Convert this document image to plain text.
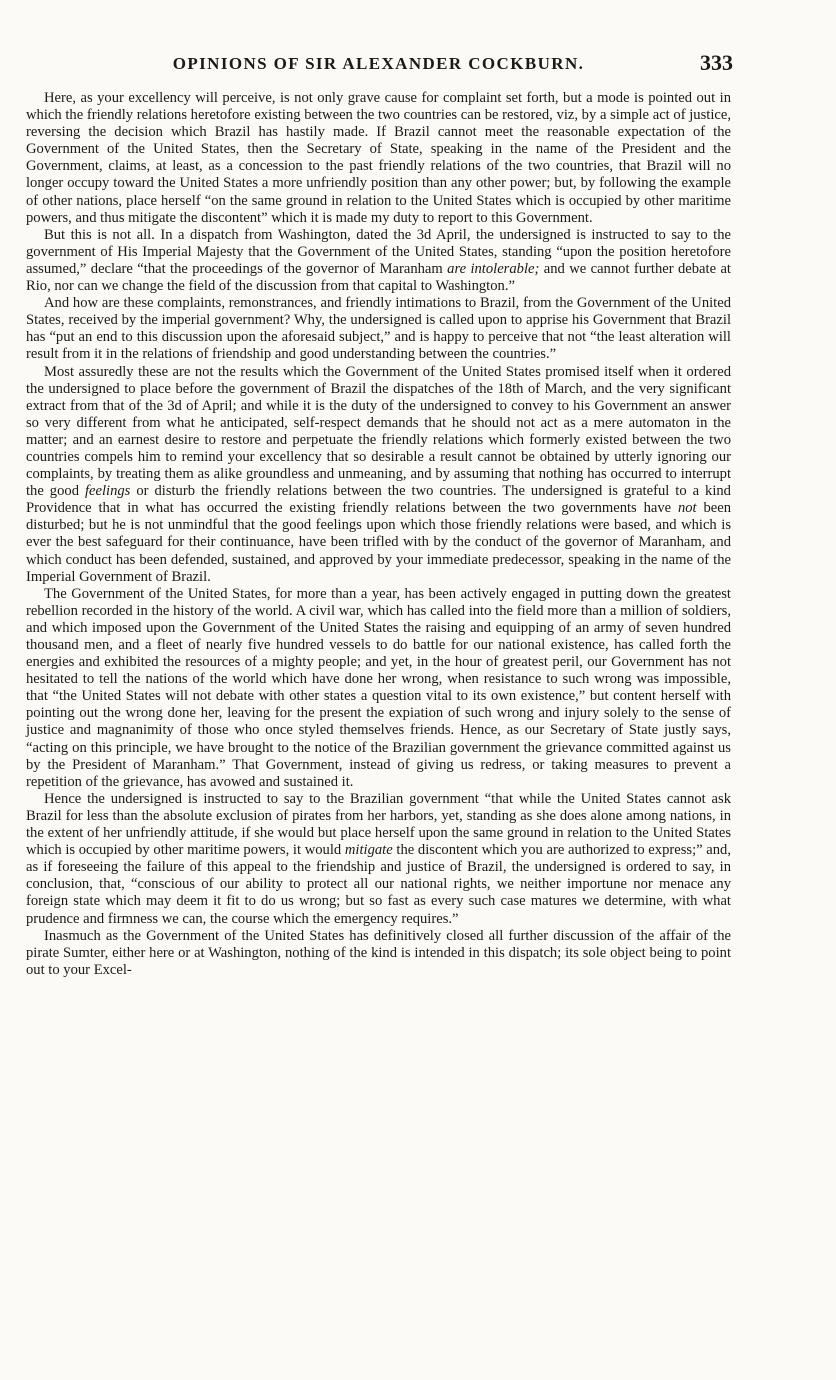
OPINIONS OF SIR ALEXANDER COCKBURN.	333

Here, as your excellency will perceive, is not only grave cause for complaint set forth, but a mode is pointed out in which the friendly relations heretofore existing between the two countries can be restored, viz, by a simple act of justice, reversing the decision which Brazil has hastily made. If Brazil cannot meet the reasonable expectation of the Government of the United States, then the Secretary of State, speaking in the name of the President and the Government, claims, at least, as a concession to the past friendly relations of the two countries, that Brazil will no longer occupy toward the United States a more unfriendly position than any other power; but, by following the example of other nations, place herself “on the same ground in relation to the United States which is occupied by other maritime powers, and thus mitigate the discontent” which it is made my duty to report to this Government.

But this is not all. In a dispatch from Washington, dated the 3d April, the undersigned is instructed to say to the government of His Imperial Majesty that the Government of the United States, standing “upon the position heretofore assumed,” declare “that the proceedings of the governor of Maranham are intolerable; and we cannot further debate at Rio, nor can we change the field of the discussion from that capital to Washington.”

And how are these complaints, remonstrances, and friendly intimations to Brazil, from the Government of the United States, received by the imperial government? Why, the undersigned is called upon to apprise his Government that Brazil has “put an end to this discussion upon the aforesaid subject,” and is happy to perceive that not “the least alteration will result from it in the relations of friendship and good understanding between the countries.”

Most assuredly these are not the results which the Government of the United States promised itself when it ordered the undersigned to place before the government of Brazil the dispatches of the 18th of March, and the very significant extract from that of the 3d of April; and while it is the duty of the undersigned to convey to his Government an answer so very different from what he anticipated, self-respect demands that he should not act as a mere automaton in the matter; and an earnest desire to restore and perpetuate the friendly relations which formerly existed between the two countries compels him to remind your excellency that so desirable a result cannot be obtained by utterly ignoring our complaints, by treating them as alike groundless and unmeaning, and by assuming that nothing has occurred to interrupt the good feelings or disturb the friendly relations between the two countries. The undersigned is grateful to a kind Providence that in what has occurred the existing friendly relations between the two governments have not been disturbed; but he is not unmindful that the good feelings upon which those friendly relations were based, and which is ever the best safeguard for their continuance, have been trifled with by the conduct of the governor of Maranham, and which conduct has been defended, sustained, and approved by your immediate predecessor, speaking in the name of the Imperial Government of Brazil.

The Government of the United States, for more than a year, has been actively engaged in putting down the greatest rebellion recorded in the history of the world. A civil war, which has called into the field more than a million of soldiers, and which imposed upon the Government of the United States the raising and equipping of an army of seven hundred thousand men, and a fleet of nearly five hundred vessels to do battle for our national existence, has called forth the energies and exhibited the resources of a mighty people; and yet, in the hour of greatest peril, our Government has not hesitated to tell the nations of the world which have done her wrong, when resistance to such wrong was impossible, that “the United States will not debate with other states a question vital to its own existence,” but content herself with pointing out the wrong done her, leaving for the present the expiation of such wrong and injury solely to the sense of justice and magnanimity of those who once styled themselves friends. Hence, as our Secretary of State justly says, “acting on this principle, we have brought to the notice of the Brazilian government the grievance committed against us by the President of Maranham.” That Government, instead of giving us redress, or taking measures to prevent a repetition of the grievance, has avowed and sustained it.

Hence the undersigned is instructed to say to the Brazilian government “that while the United States cannot ask Brazil for less than the absolute exclusion of pirates from her harbors, yet, standing as she does alone among nations, in the extent of her unfriendly attitude, if she would but place herself upon the same ground in relation to the United States which is occupied by other maritime powers, it would mitigate the discontent which you are authorized to express;” and, as if foreseeing the failure of this appeal to the friendship and justice of Brazil, the undersigned is ordered to say, in conclusion, that, “conscious of our ability to protect all our national rights, we neither importune nor menace any foreign state which may deem it fit to do us wrong; but so fast as every such case matures we determine, with what prudence and firmness we can, the course which the emergency requires.”

Inasmuch as the Government of the United States has definitively closed all further discussion of the affair of the pirate Sumter, either here or at Washington, nothing of the kind is intended in this dispatch; its sole object being to point out to your Excel-
